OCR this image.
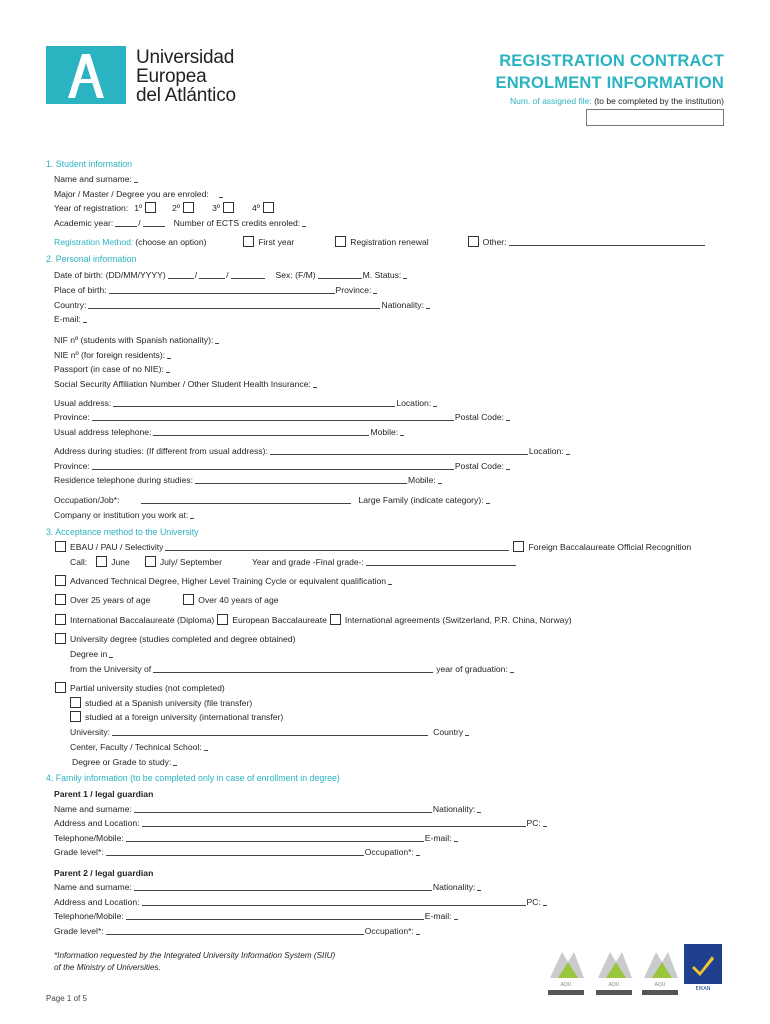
Universidad
Europea
del Atlántico
REGISTRATION CONTRACT
ENROLMENT INFORMATION
Num. of assigned file: (to be completed by the institution)
1. Student information
Name and surname:
Major / Master / Degree you are enroled:
Year of registration: 1º	2º	3º	4º
Academic year:	/	Number of ECTS credits enroled:
Registration Method: (choose an option)	First year	Registration renewal	Other:
2. Personal information
Date of birth: (DD/MM/YYYY)	/	/	Sex: (F/M)	M. Status:
Place of birth:	Province:
Country:	Nationality:
E-mail:
NIF nº (students with Spanish nationality):
NIE nº (for foreign residents):
Passport (in case of no NIE):
Social Security Affiliation Number / Other Student Health Insurance:
Usual address:	Location:
Province:	Postal Code:
Usual address telephone:	Mobile:
Address during studies: (If different from usual address):	Location:
Province:	Postal Code:
Residence telephone during studies:	Mobile:
Occupation/Job*:	Large Family (indicate category):
Company or institution you work at:
3. Acceptance method to the University
EBAU / PAU / Selectivity	Foreign Baccalaureate Official Recognition
Call:	June	July/ September	Year and grade -Final grade-:
Advanced Technical Degree, Higher Level Training Cycle or equivalent qualification
Over 25 years of age	Over 40 years of age
International Baccalaureate (Diploma) European Baccalaureate International agreements (Switzerland, P.R. China, Norway)
University degree (studies completed and degree obtained)
Degree in
from the University of	year of graduation:
Partial university studies (not completed)
studied at a Spanish university (file transfer)
studied at a foreign university (international transfer)
University:	Country
Center, Faculty / Technical School:
Degree or Grade to study:
4. Family information (to be completed only in case of enrollment in degree)
Parent 1 / legal guardian
Name and surname:	Nationality:
Address and Location:	PC:
Telephone/Mobile:	E-mail:
Grade level*:	Occupation*:
Parent 2 / legal guardian
Name and surname:	Nationality:
Address and Location:	PC:
Telephone/Mobile:	E-mail:
Grade level*:	Occupation*:
*Information requested by the Integrated University Information System (SIIU)
of the Ministry of Universities.
Page 1 of 5
AQU	AQU	AQU
EIKAN
